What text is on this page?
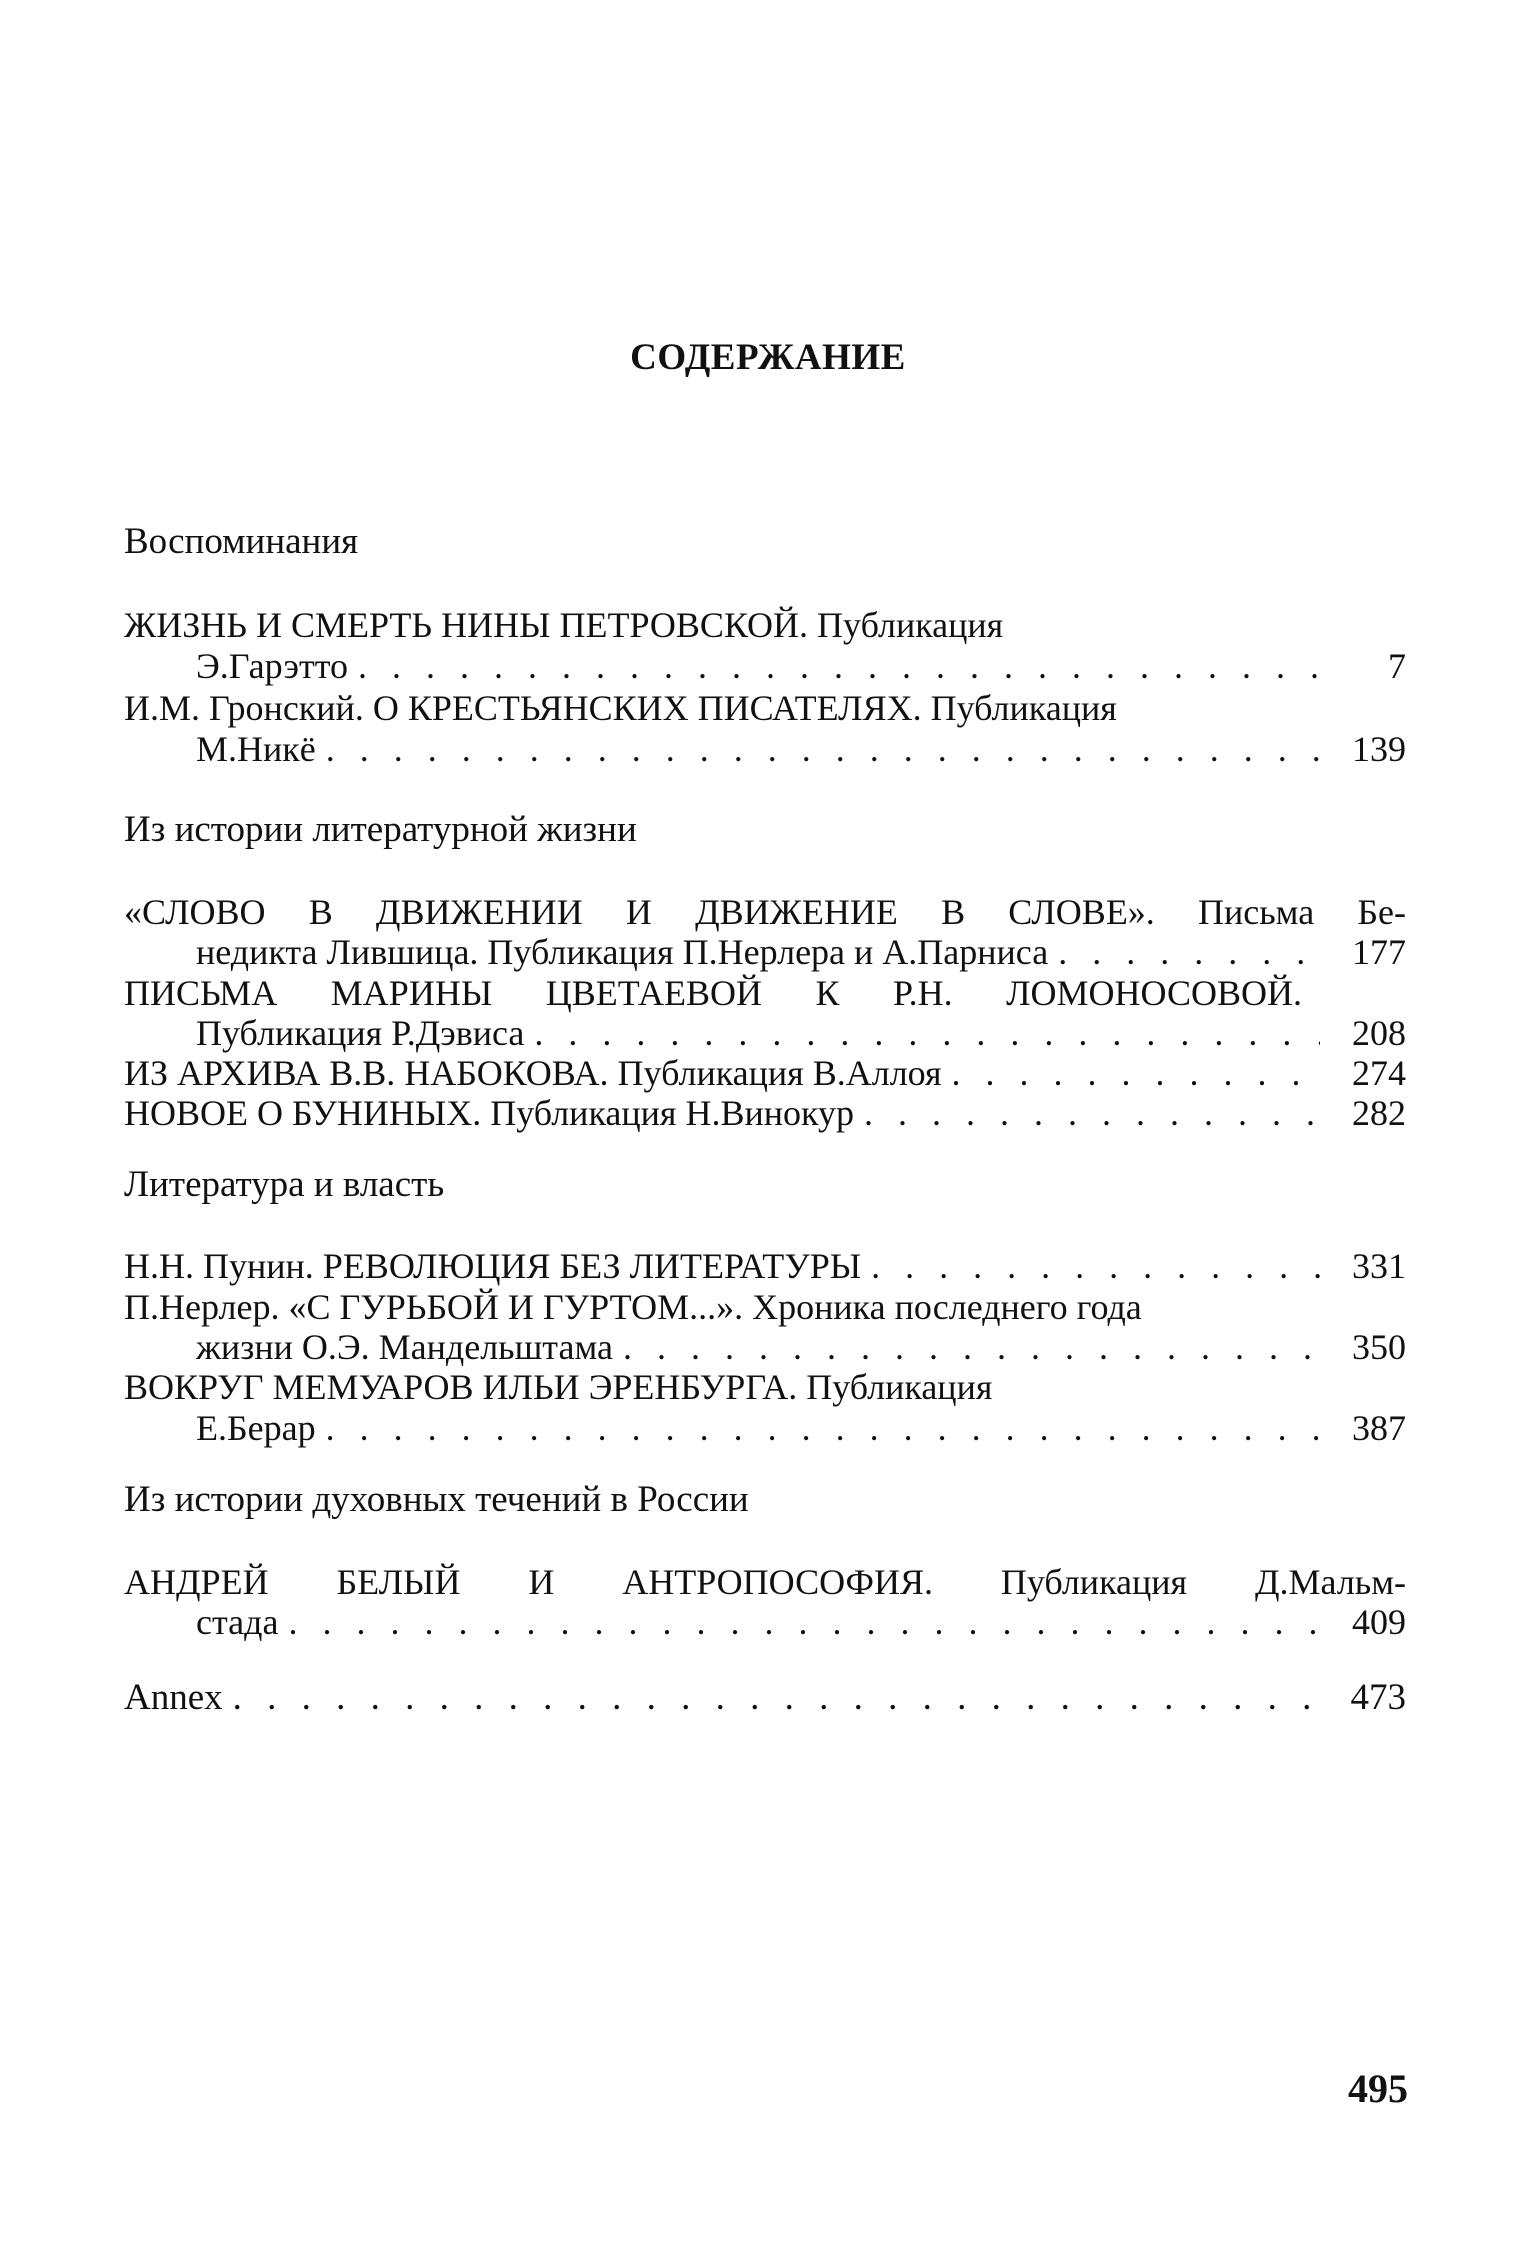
СОДЕРЖАНИЕ
Воспоминания
ЖИЗНЬ И СМЕРТЬ НИНЫ ПЕТРОВСКОЙ. Публикация
Э.Гарэтто . . .	7
И.М. Гронский. О КРЕСТЬЯНСКИХ ПИСАТЕЛЯХ. Публикация
М.Никё . . .	139
Из истории литературной жизни
«СЛОВО В ДВИЖЕНИИ И ДВИЖЕНИЕ В СЛОВЕ». Письма Бе-
недикта Лившица. Публикация П.Нерлера и А.Парниса . . .	177
ПИСЬМА МАРИНЫ ЦВЕТАЕВОЙ К Р.Н. ЛОМОНОСОВОЙ.
Публикация Р.Дэвиса . . .	208
ИЗ АРХИВА В.В. НАБОКОВА. Публикация В.Аллоя . . .	274
НОВОЕ О БУНИНЫХ. Публикация Н.Винокур . . .	282
Литература и власть
Н.Н. Пунин. РЕВОЛЮЦИЯ БЕЗ ЛИТЕРАТУРЫ . . .	331
П.Нерлер. «С ГУРЬБОЙ И ГУРТОМ...». Хроника последнего года
жизни О.Э. Мандельштама . . .	350
ВОКРУГ МЕМУАРОВ ИЛЬИ ЭРЕНБУРГА. Публикация
Е.Берар . . .	387
Из истории духовных течений в России
АНДРЕЙ БЕЛЫЙ И АНТРОПОСОФИЯ. Публикация Д.Мальм-
стада . . .	409
Annex . . .	473
495
